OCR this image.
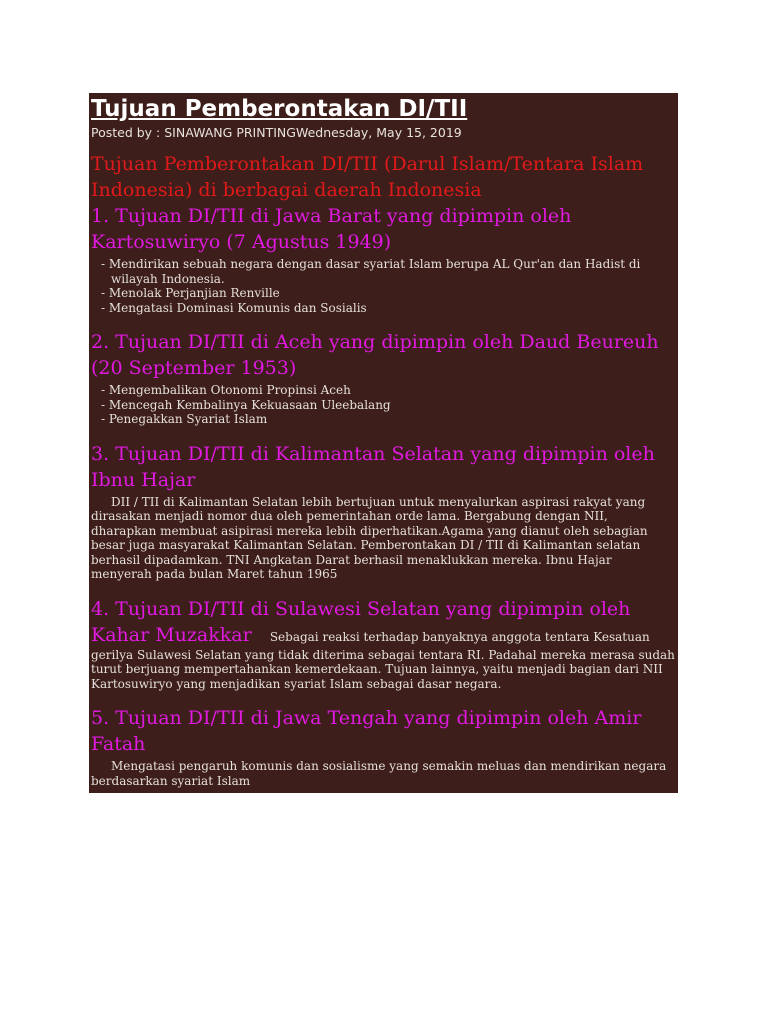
Tujuan Pemberontakan DI/TII
Posted by : SINAWANG PRINTINGWednesday, May 15, 2019

Tujuan Pemberontakan DI/TII (Darul Islam/Tentara Islam Indonesia) di berbagai daerah Indonesia

1. Tujuan DI/TII di Jawa Barat yang dipimpin oleh Kartosuwiryo (7 Agustus 1949)

- Mendirikan sebuah negara dengan dasar syariat Islam berupa AL Qur'an dan Hadist di wilayah Indonesia.
- Menolak Perjanjian Renville
- Mengatasi Dominasi Komunis dan Sosialis

2. Tujuan DI/TII di Aceh yang dipimpin oleh Daud Beureuh (20 September 1953)

- Mengembalikan Otonomi Propinsi Aceh
- Mencegah Kembalinya Kekuasaan Uleebalang
- Penegakkan Syariat Islam

3. Tujuan DI/TII di Kalimantan Selatan yang dipimpin oleh Ibnu Hajar

DII / TII di Kalimantan Selatan lebih bertujuan untuk menyalurkan aspirasi rakyat yang dirasakan menjadi nomor dua oleh pemerintahan orde lama. Bergabung dengan NII, dharapkan membuat asipirasi mereka lebih diperhatikan.Agama yang dianut oleh sebagian besar juga masyarakat Kalimantan Selatan. Pemberontakan DI / TII di Kalimantan selatan berhasil dipadamkan. TNI Angkatan Darat berhasil menaklukkan mereka. Ibnu Hajar menyerah pada bulan Maret tahun 1965

4. Tujuan DI/TII di Sulawesi Selatan yang dipimpin oleh Kahar Muzakkar Sebagai reaksi terhadap banyaknya anggota tentara Kesatuan

gerilya Sulawesi Selatan yang tidak diterima sebagai tentara RI. Padahal mereka merasa sudah turut berjuang mempertahankan kemerdekaan. Tujuan lainnya, yaitu menjadi bagian dari NII Kartosuwiryo yang menjadikan syariat Islam sebagai dasar negara.

5. Tujuan DI/TII di Jawa Tengah yang dipimpin oleh Amir Fatah

Mengatasi pengaruh komunis dan sosialisme yang semakin meluas dan mendirikan negara berdasarkan syariat Islam
